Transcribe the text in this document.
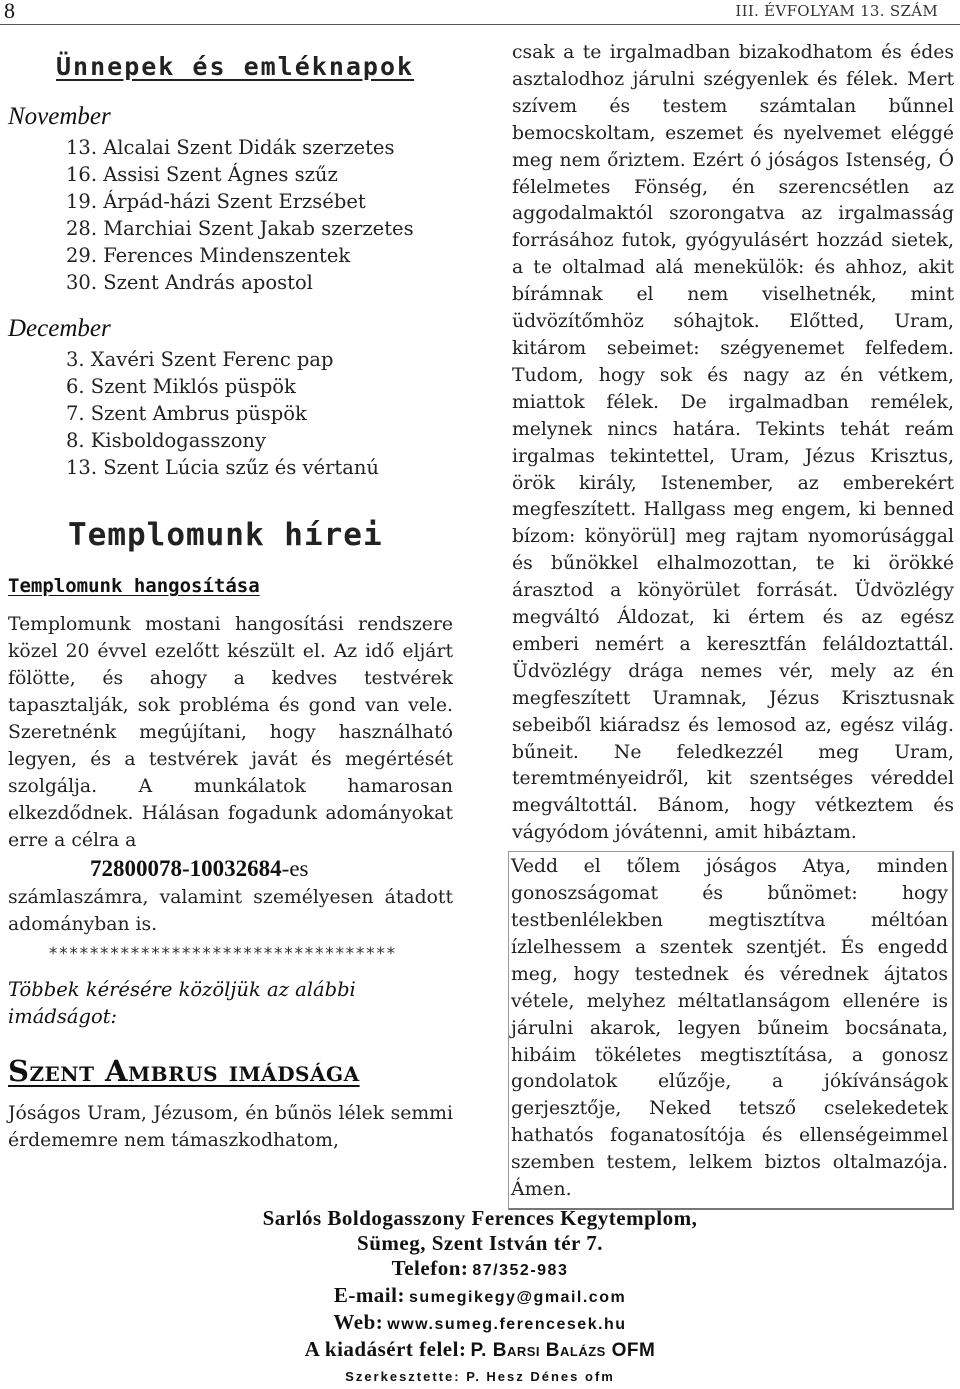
8	III. ÉVFOLYAM 13. SZÁM
Ünnepek és emléknapok
November
13. Alcalai Szent Didák szerzetes
16. Assisi Szent Ágnes szűz
19. Árpád-házi Szent Erzsébet
28. Marchiai Szent Jakab szerzetes
29. Ferences Mindenszentek
30. Szent András apostol
December
3. Xavéri Szent Ferenc pap
6. Szent Miklós püspök
7. Szent Ambrus püspök
8. Kisboldogasszony
13. Szent Lúcia szűz és vértanú
Templomunk hírei
Templomunk hangosítása

Templomunk mostani hangosítási rendszere közel 20 évvel ezelőtt készült el. Az idő eljárt fölötte, és ahogy a kedves testvérek tapasztalják, sok probléma és gond van vele. Szeretnénk megújítani, hogy használható legyen, és a testvérek javát és megértését szolgálja. A munkálatok hamarosan elkezdődnek. Hálásan fogadunk adományokat erre a célra a

72800078-10032684-es

számlaszámra, valamint személyesen átadott adományban is.

**********************************
Többek kérésére közöljük az alábbi imádságot:
Szent Ambrus imádsága

Jóságos Uram, Jézusom, én bűnös lélek semmi érdememre nem támaszkodhatom,

csak a te irgalmadban bizakodhatom és édes asztalodhoz járulni szégyenlek és félek. Mert szívem és testem számtalan bűnnel bemocskoltam, eszemet és nyelvemet eléggé meg nem őriztem. Ezért ó jóságos Istenség, Ó félelmetes Fönség, én szerencsétlen az aggodalmaktól szorongatva az irgalmasság forrásához futok, gyógyulásért hozzád sietek, a te oltalmad alá menekülök: és ahhoz, akit bírámnak el nem viselhetnék, mint üdvözítőmhöz sóhajtok. Előtted, Uram, kitárom sebeimet: szégyenemet felfedem. Tudom, hogy sok és nagy az én vétkem, miattok félek. De irgalmadban remélek, melynek nincs határa. Tekints tehát reám irgalmas tekintettel, Uram, Jézus Krisztus, örök király, Istenember, az emberekért megfeszített. Hallgass meg engem, ki benned bízom: könyörül] meg rajtam nyomorúsággal és bűnökkel elhalmozottan, te ki örökké árasztod a könyörület forrását. Üdvözlégy megváltó Áldozat, ki értem és az egész emberi nemért a keresztfán feláldoztattál. Üdvözlégy drága nemes vér, mely az én megfeszített Uramnak, Jézus Krisztusnak sebeiből kiáradsz és lemosod az, egész világ. bűneit. Ne feledkezzél meg Uram, teremtményeidről, kit szentséges véreddel megváltottál. Bánom, hogy vétkeztem és vágyódom jóvátenni, amit hibáztam.

Vedd el tőlem jóságos Atya, minden gonoszságomat és bűnömet: hogy testbenlélekben megtisztítva méltóan ízlelhessem a szentek szentjét. És engedd meg, hogy testednek és vérednek ájtatos vétele, melyhez méltatlanságom ellenére is járulni akarok, legyen bűneim bocsánata, hibáim tökéletes megtisztítása, a gonosz gondolatok elűzője, a jókívánságok gerjesztője, Neked tetsző cselekedetek hathatós foganatosítója és ellenségeimmel szemben testem, lelkem biztos oltalmazója. Ámen.

Sarlós Boldogasszony Ferences Kegytemplom,
Sümeg, Szent István tér 7.
Telefon: 87/352-983
E-mail: sumegikegy@gmail.com
Web: www.sumeg.ferencesek.hu
A kiadásért felel: P. Barsi Balázs OFM
Szerkesztette: P. Hesz Dénes ofm
